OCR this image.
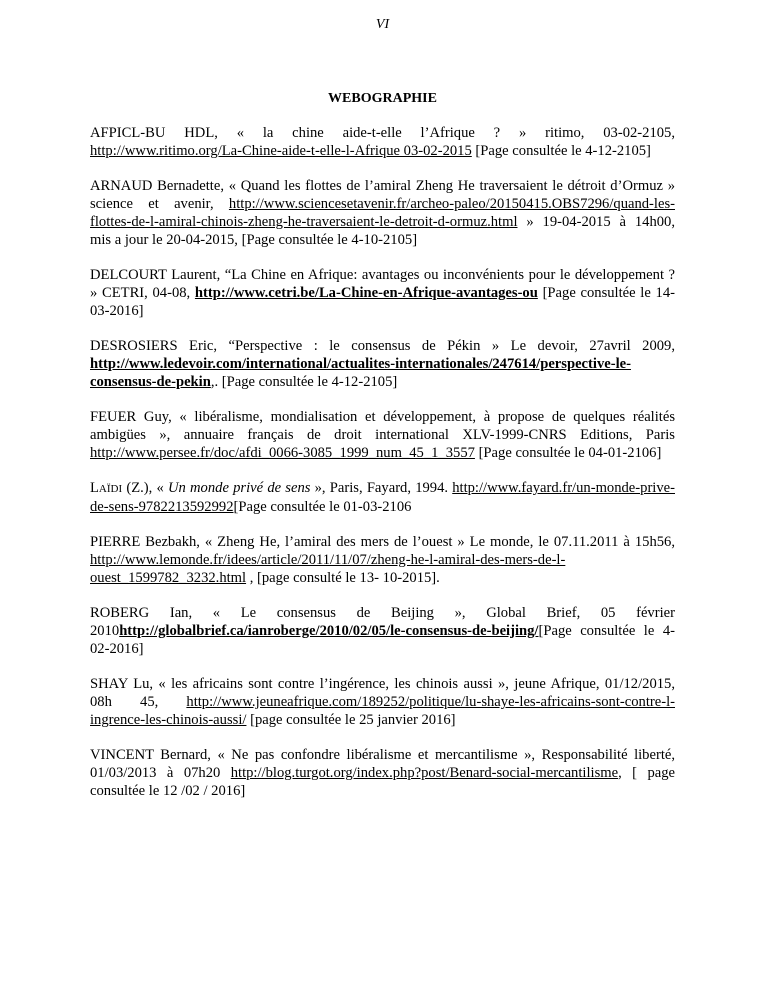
VI
WEBOGRAPHIE

AFPICL-BU HDL, « la chine aide-t-elle l’Afrique ? » ritimo, 03-02-2105, http://www.ritimo.org/La-Chine-aide-t-elle-l-Afrique 03-02-2015 [Page consultée le 4-12-2105]

ARNAUD Bernadette, « Quand les flottes de l’amiral Zheng He traversaient le détroit d’Ormuz » science et avenir, http://www.sciencesetavenir.fr/archeo-paleo/20150415.OBS7296/quand-les-flottes-de-l-amiral-chinois-zheng-he-traversaient-le-detroit-d-ormuz.html » 19-04-2015 à 14h00, mis a jour le 20-04-2015, [Page consultée le 4-10-2105]

DELCOURT Laurent, “La Chine en Afrique: avantages ou inconvénients pour le développement ? » CETRI, 04-08, http://www.cetri.be/La-Chine-en-Afrique-avantages-ou [Page consultée le 14-03-2016]

DESROSIERS Eric, “Perspective : le consensus de Pékin » Le devoir, 27avril 2009, http://www.ledevoir.com/international/actualites-internationales/247614/perspective-le-consensus-de-pekin,. [Page consultée le 4-12-2105]

FEUER Guy, « libéralisme, mondialisation et développement, à propose de quelques réalités ambigües », annuaire français de droit international XLV-1999-CNRS Editions, Paris http://www.persee.fr/doc/afdi_0066-3085_1999_num_45_1_3557 [Page consultée le 04-01-2106]

LAÏDI (Z.), « Un monde privé de sens », Paris, Fayard, 1994. http://www.fayard.fr/un-monde-prive-de-sens-9782213592992[Page consultée le 01-03-2106

PIERRE Bezbakh, « Zheng He, l’amiral des mers de l’ouest » Le monde, le 07.11.2011 à 15h56, http://www.lemonde.fr/idees/article/2011/11/07/zheng-he-l-amiral-des-mers-de-l-ouest_1599782_3232.html , [page consulté le 13- 10-2015].

ROBERG Ian, « Le consensus de Beijing », Global Brief, 05 février 2010http://globalbrief.ca/ianroberge/2010/02/05/le-consensus-de-beijing/[Page consultée le 4-02-2016]

SHAY Lu, « les africains sont contre l’ingérence, les chinois aussi », jeune Afrique, 01/12/2015, 08h 45, http://www.jeuneafrique.com/189252/politique/lu-shaye-les-africains-sont-contre-l-ingrence-les-chinois-aussi/ [page consultée le 25 janvier 2016]

VINCENT Bernard, « Ne pas confondre libéralisme et mercantilisme », Responsabilité liberté, 01/03/2013 à 07h20 http://blog.turgot.org/index.php?post/Benard-social-mercantilisme, [ page consultée le 12 /02 / 2016]
